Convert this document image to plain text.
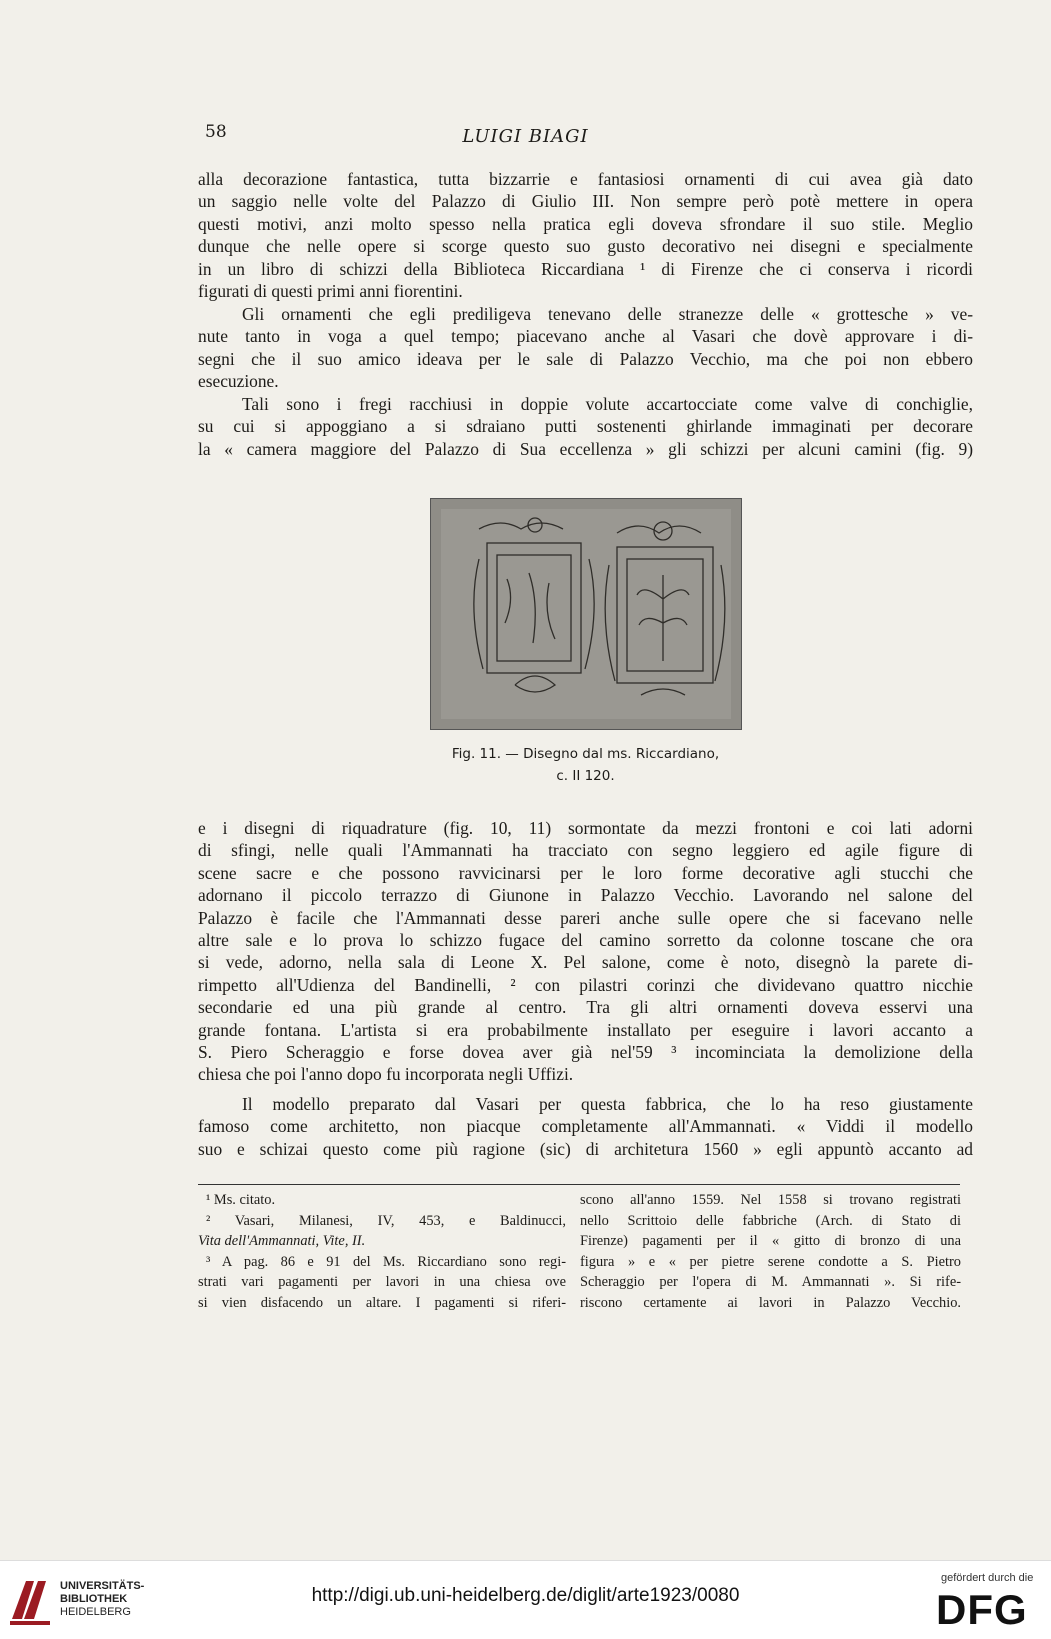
58	LUIGI BIAGI
alla decorazione fantastica, tutta bizzarrie e fantasiosi ornamenti di cui avea già dato
un saggio nelle volte del Palazzo di Giulio III. Non sempre però potè mettere in opera
questi motivi, anzi molto spesso nella pratica egli doveva sfrondare il suo stile. Meglio
dunque che nelle opere si scorge questo suo gusto decorativo nei disegni e specialmente
in un libro di schizzi della Biblioteca Riccardiana ¹ di Firenze che ci conserva i ricordi
figurati di questi primi anni fiorentini.
Gli ornamenti che egli prediligeva tenevano delle stranezze delle « grottesche » ve-
nute tanto in voga a quel tempo; piacevano anche al Vasari che dovè approvare i di-
segni che il suo amico ideava per le sale di Palazzo Vecchio, ma che poi non ebbero
esecuzione.
Tali sono i fregi racchiusi in doppie volute accartocciate come valve di conchiglie,
su cui si appoggiano a si sdraiano putti sostenenti ghirlande immaginati per decorare
la « camera maggiore del Palazzo di Sua eccellenza » gli schizzi per alcuni camini (fig. 9)
Fig. 11. — Disegno dal ms. Riccardiano,
c. II 120.
e i disegni di riquadrature (fig. 10, 11) sormontate da mezzi frontoni e coi lati adorni
di sfingi, nelle quali l'Ammannati ha tracciato con segno leggiero ed agile figure di
scene sacre e che possono ravvicinarsi per le loro forme decorative agli stucchi che
adornano il piccolo terrazzo di Giunone in Palazzo Vecchio. Lavorando nel salone del
Palazzo è facile che l'Ammannati desse pareri anche sulle opere che si facevano nelle
altre sale e lo prova lo schizzo fugace del camino sorretto da colonne toscane che ora
si vede, adorno, nella sala di Leone X. Pel salone, come è noto, disegnò la parete di-
rimpetto all'Udienza del Bandinelli, ² con pilastri corinzi che dividevano quattro nicchie
secondarie ed una più grande al centro. Tra gli altri ornamenti doveva esservi una
grande fontana. L'artista si era probabilmente installato per eseguire i lavori accanto a
S. Piero Scheraggio e forse dovea aver già nel'59 ³ incominciata la demolizione della
chiesa che poi l'anno dopo fu incorporata negli Uffizi.
Il modello preparato dal Vasari per questa fabbrica, che lo ha reso giustamente
famoso come architetto, non piacque completamente all'Ammannati. « Viddi il modello
suo e schizai questo come più ragione (sic) di architetura 1560 » egli appuntò accanto ad
¹ Ms. citato.
² Vasari, Milanesi, IV, 453, e Baldinucci,
Vita dell'Ammannati, Vite, II.
³ A pag. 86 e 91 del Ms. Riccardiano sono regi-
strati vari pagamenti per lavori in una chiesa ove
si vien disfacendo un altare. I pagamenti si riferi-
scono all'anno 1559. Nel 1558 si trovano registrati
nello Scrittoio delle fabbriche (Arch. di Stato di
Firenze) pagamenti per il « gitto di bronzo di una
figura » e « per pietre serene condotte a S. Pietro
Scheraggio per l'opera di M. Ammannati ». Si rife-
riscono certamente ai lavori in Palazzo Vecchio.
UNIVERSITÄTS-
BIBLIOTHEK
HEIDELBERG
http://digi.ub.uni-heidelberg.de/diglit/arte1923/0080
gefördert durch die
DFG
